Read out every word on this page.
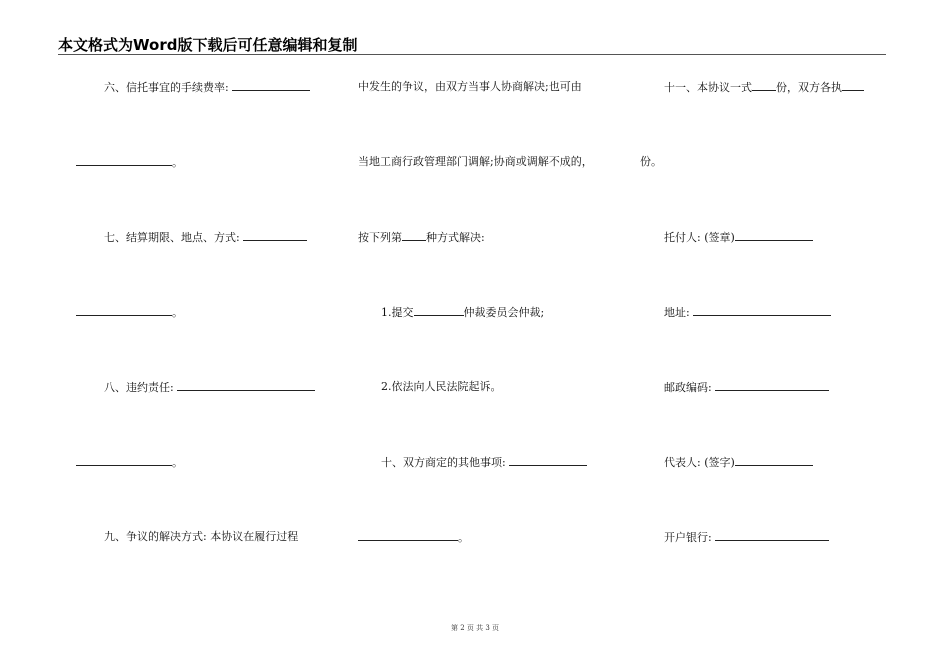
本文格式为Word版下载后可任意编辑和复制
六、信托事宜的手续费率:
。
七、结算期限、地点、方式:
。
八、违约责任:
。
九、争议的解决方式: 本协议在履行过程
中发生的争议，由双方当事人协商解决;也可由
当地工商行政管理部门调解;协商或调解不成的，
按下列第 种方式解决:
1.提交	仲裁委员会仲裁;
2.依法向人民法院起诉。
十、双方商定的其他事项:
。
十一、本协议一式 份，双方各执
份。
托付人: (签章)
地址:
邮政编码:
代表人: (签字)
开户银行:
第 2 页 共 3 页
